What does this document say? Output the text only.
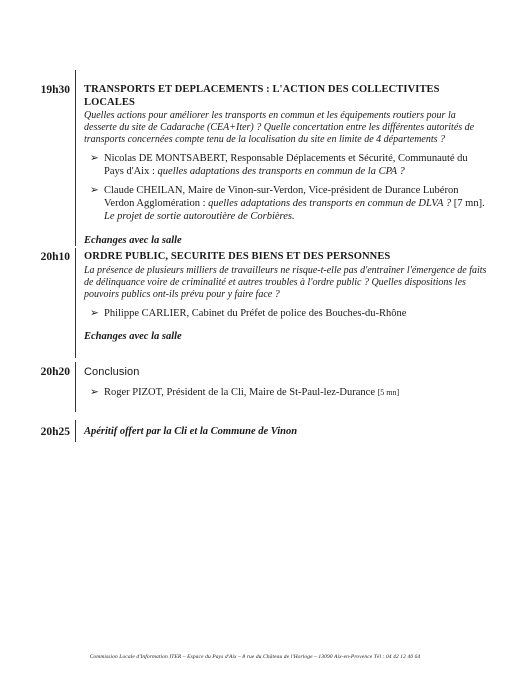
19h30 TRANSPORTS ET DEPLACEMENTS : L'ACTION DES COLLECTIVITES LOCALES
Quelles actions pour améliorer les transports en commun et les équipements routiers pour la desserte du site de Cadarache (CEA+Iter) ? Quelle concertation entre les différentes autorités de transports concernées compte tenu de la localisation du site en limite de 4 départements ?
➢ Nicolas DE MONTSABERT, Responsable Déplacements et Sécurité, Communauté du Pays d'Aix : quelles adaptations des transports en commun de la CPA ?
➢ Claude CHEILAN, Maire de Vinon-sur-Verdon, Vice-président de Durance Lubéron Verdon Agglomération : quelles adaptations des transports en commun de DLVA ? [7 mn]. Le projet de sortie autoroutière de Corbières.
Echanges avec la salle
20h10 ORDRE PUBLIC, SECURITE DES BIENS ET DES PERSONNES
La présence de plusieurs milliers de travailleurs ne risque-t-elle pas d'entraîner l'émergence de faits de délinquance voire de criminalité et autres troubles à l'ordre public ? Quelles dispositions les pouvoirs publics ont-ils prévu pour y faire face ?
➢ Philippe CARLIER, Cabinet du Préfet de police des Bouches-du-Rhône
Echanges avec la salle
20h20 Conclusion
➢ Roger PIZOT, Président de la Cli, Maire de St-Paul-lez-Durance [5 mn]
20h25 Apéritif offert par la Cli et la Commune de Vinon
Commission Locale d'Information ITER – Espace du Pays d'Aix – 8 rue du Château de l'Horloge – 13090 Aix-en-Provence Tél : 04 42 12 40 64
